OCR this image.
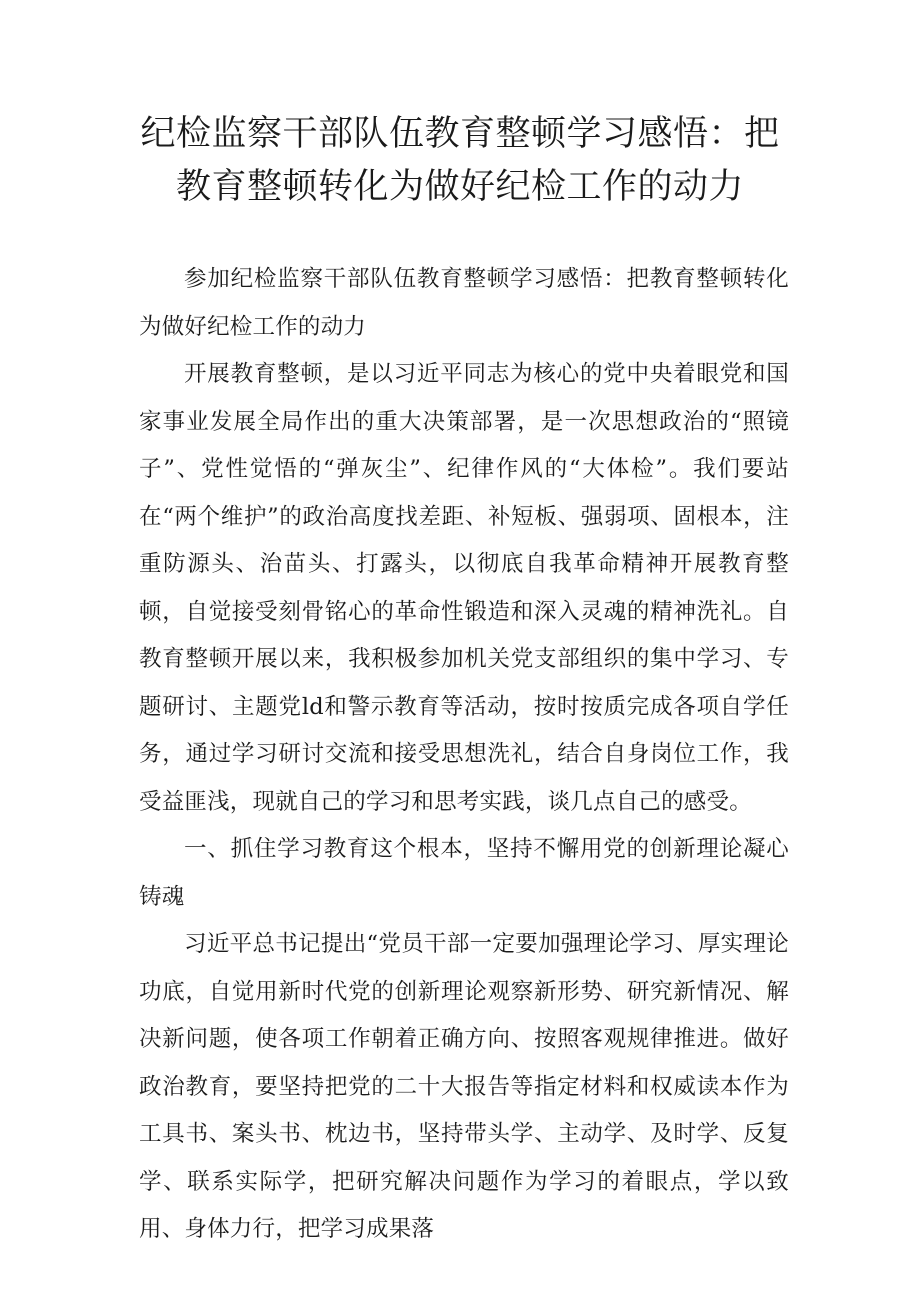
纪检监察干部队伍教育整顿学习感悟：把教育整顿转化为做好纪检工作的动力

参加纪检监察干部队伍教育整顿学习感悟：把教育整顿转化为做好纪检工作的动力

开展教育整顿，是以习近平同志为核心的党中央着眼党和国家事业发展全局作出的重大决策部署，是一次思想政治的“照镜子”、党性觉悟的“弹灰尘”、纪律作风的“大体检”。我们要站在“两个维护”的政治高度找差距、补短板、强弱项、固根本，注重防源头、治苗头、打露头，以彻底自我革命精神开展教育整顿，自觉接受刻骨铭心的革命性锻造和深入灵魂的精神洗礼。自教育整顿开展以来，我积极参加机关党支部组织的集中学习、专题研讨、主题党ld和警示教育等活动，按时按质完成各项自学任务，通过学习研讨交流和接受思想洗礼，结合自身岗位工作，我受益匪浅，现就自己的学习和思考实践，谈几点自己的感受。

一、抓住学习教育这个根本，坚持不懈用党的创新理论凝心铸魂

习近平总书记提出“党员干部一定要加强理论学习、厚实理论功底，自觉用新时代党的创新理论观察新形势、研究新情况、解决新问题，使各项工作朝着正确方向、按照客观规律推进。做好政治教育，要坚持把党的二十大报告等指定材料和权威读本作为工具书、案头书、枕边书，坚持带头学、主动学、及时学、反复学、联系实际学，把研究解决问题作为学习的着眼点，学以致用、身体力行，把学习成果落
